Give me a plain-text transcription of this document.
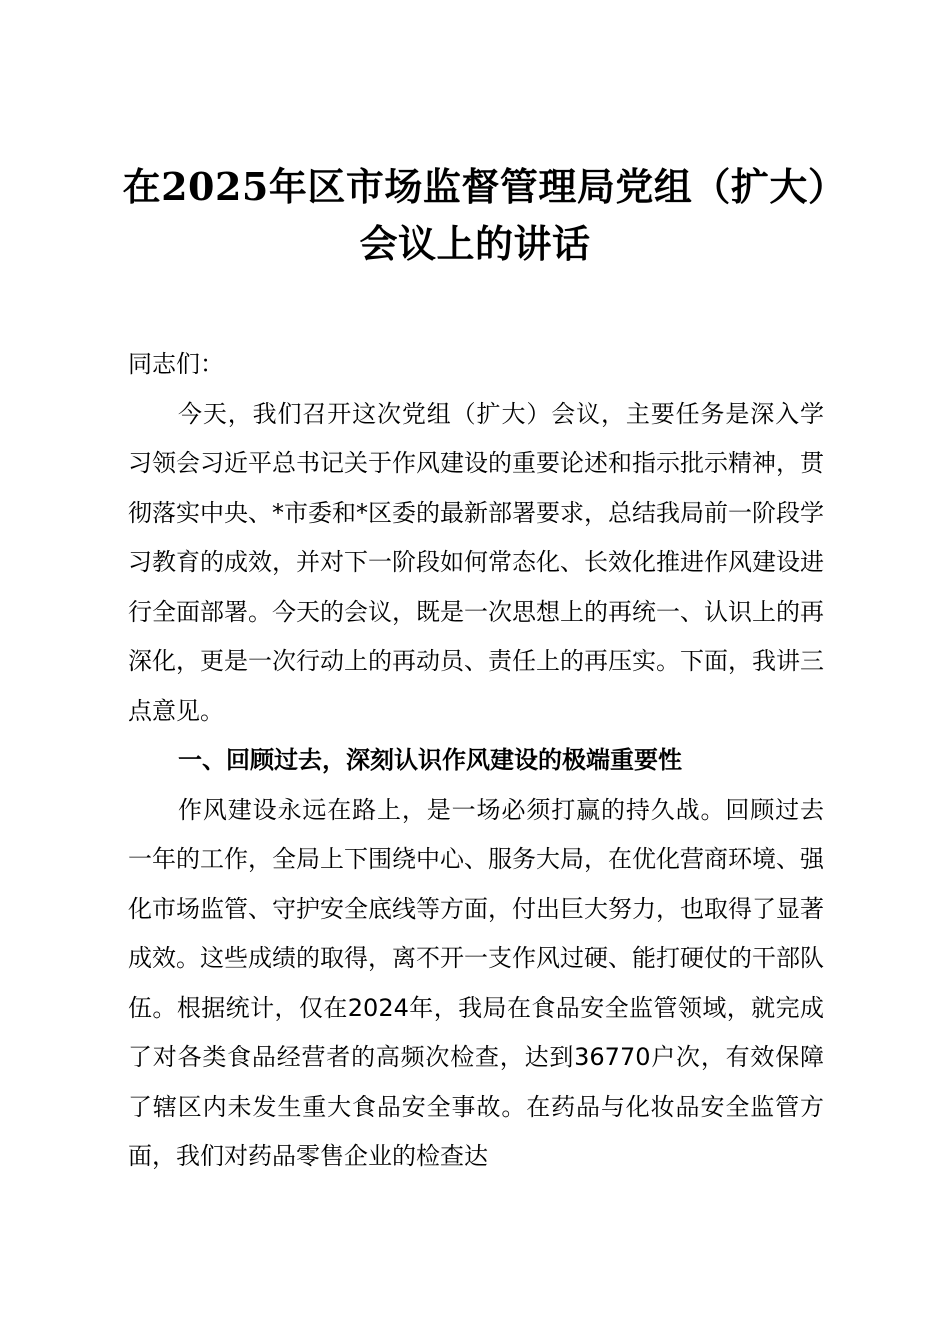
在2025年区市场监督管理局党组（扩大）会议上的讲话

同志们：

今天，我们召开这次党组（扩大）会议，主要任务是深入学习领会习近平总书记关于作风建设的重要论述和指示批示精神，贯彻落实中央、*市委和*区委的最新部署要求，总结我局前一阶段学习教育的成效，并对下一阶段如何常态化、长效化推进作风建设进行全面部署。今天的会议，既是一次思想上的再统一、认识上的再深化，更是一次行动上的再动员、责任上的再压实。下面，我讲三点意见。

一、回顾过去，深刻认识作风建设的极端重要性

作风建设永远在路上，是一场必须打赢的持久战。回顾过去一年的工作，全局上下围绕中心、服务大局，在优化营商环境、强化市场监管、守护安全底线等方面，付出巨大努力，也取得了显著成效。这些成绩的取得，离不开一支作风过硬、能打硬仗的干部队伍。根据统计，仅在2024年，我局在食品安全监管领域，就完成了对各类食品经营者的高频次检查，达到36770户次，有效保障了辖区内未发生重大食品安全事故。在药品与化妆品安全监管方面，我们对药品零售企业的检查达
